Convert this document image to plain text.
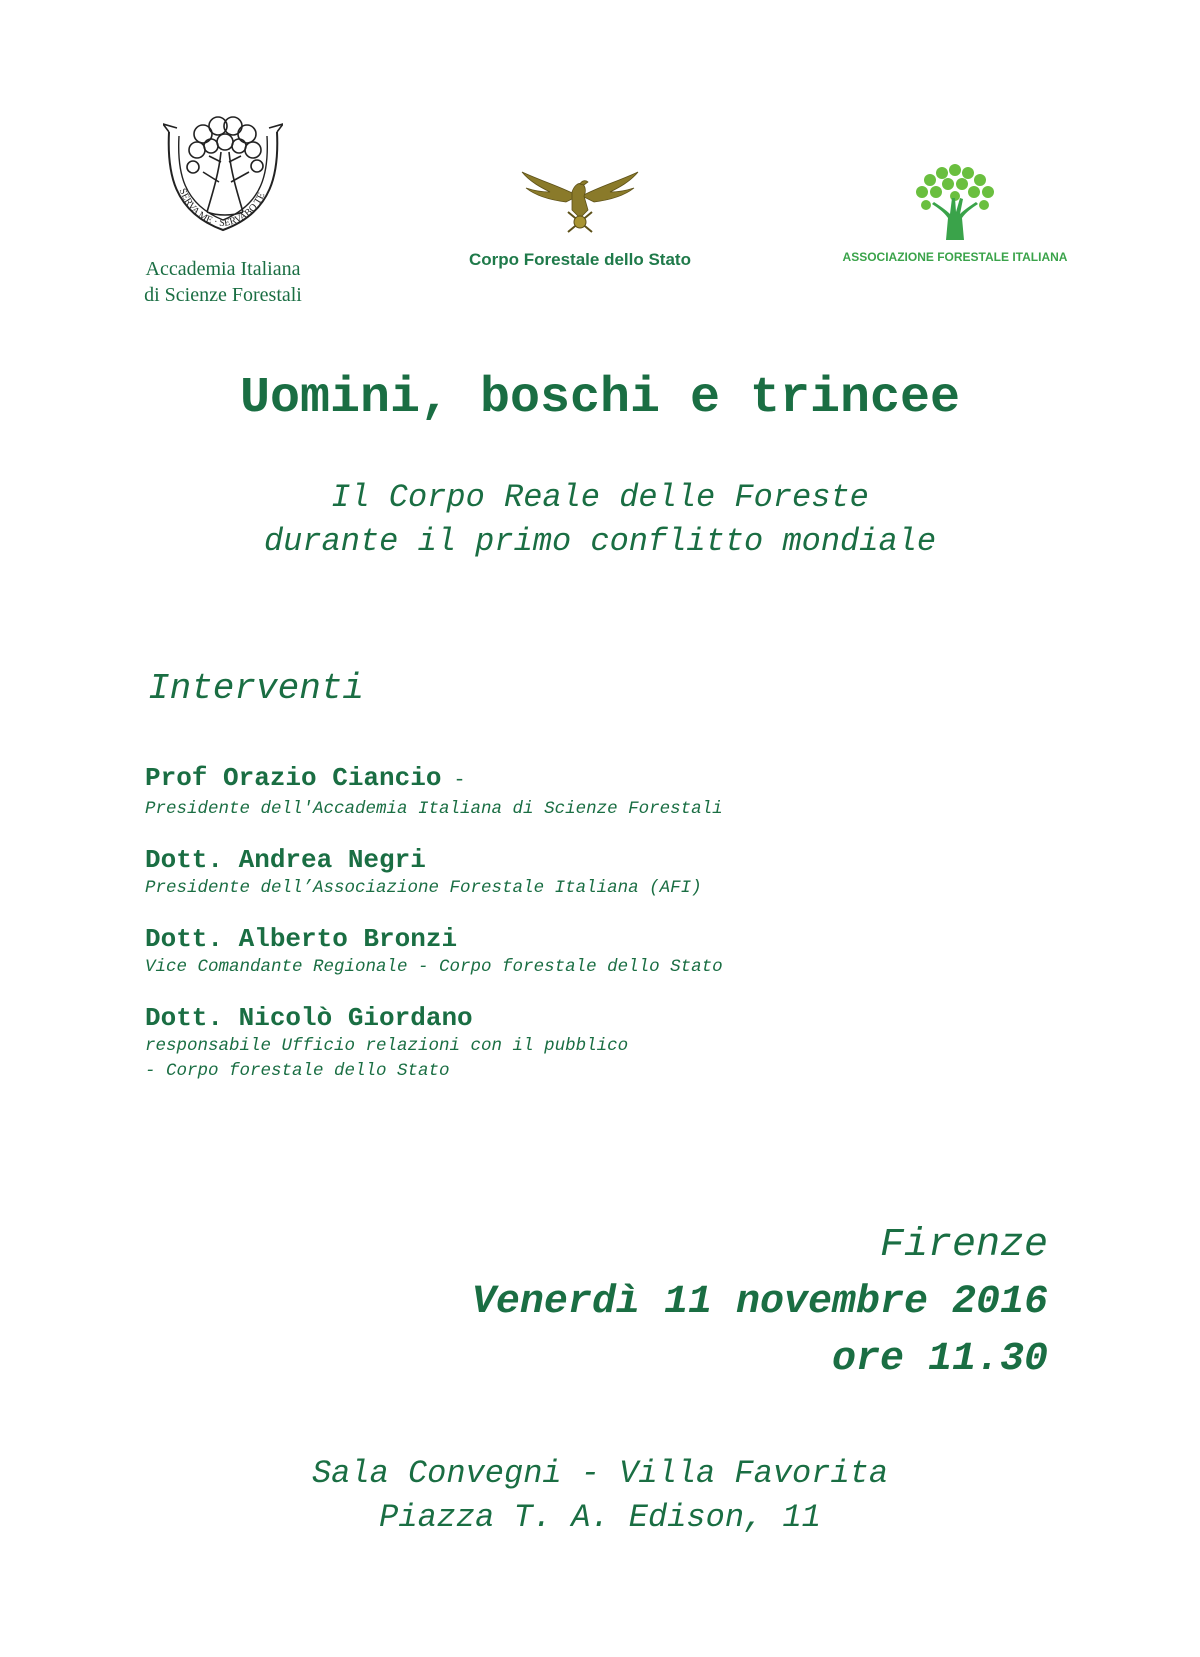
SERVA ME · SERVABO TE
Accademia Italiana
di Scienze Forestali
Corpo Forestale dello Stato	ASSOCIAZIONE FORESTALE ITALIANA
Uomini, boschi e trincee
Il Corpo Reale delle Foreste
durante il primo conflitto mondiale
Interventi
Prof Orazio Ciancio -
Presidente dell'Accademia Italiana di Scienze Forestali
Dott. Andrea Negri
Presidente dell’Associazione Forestale Italiana (AFI)
Dott. Alberto Bronzi
Vice Comandante Regionale - Corpo forestale dello Stato
Dott. Nicolò Giordano
responsabile Ufficio relazioni con il pubblico
- Corpo forestale dello Stato
Firenze
Venerdì 11 novembre 2016
ore 11.30
Sala Convegni - Villa Favorita
Piazza T. A. Edison, 11
